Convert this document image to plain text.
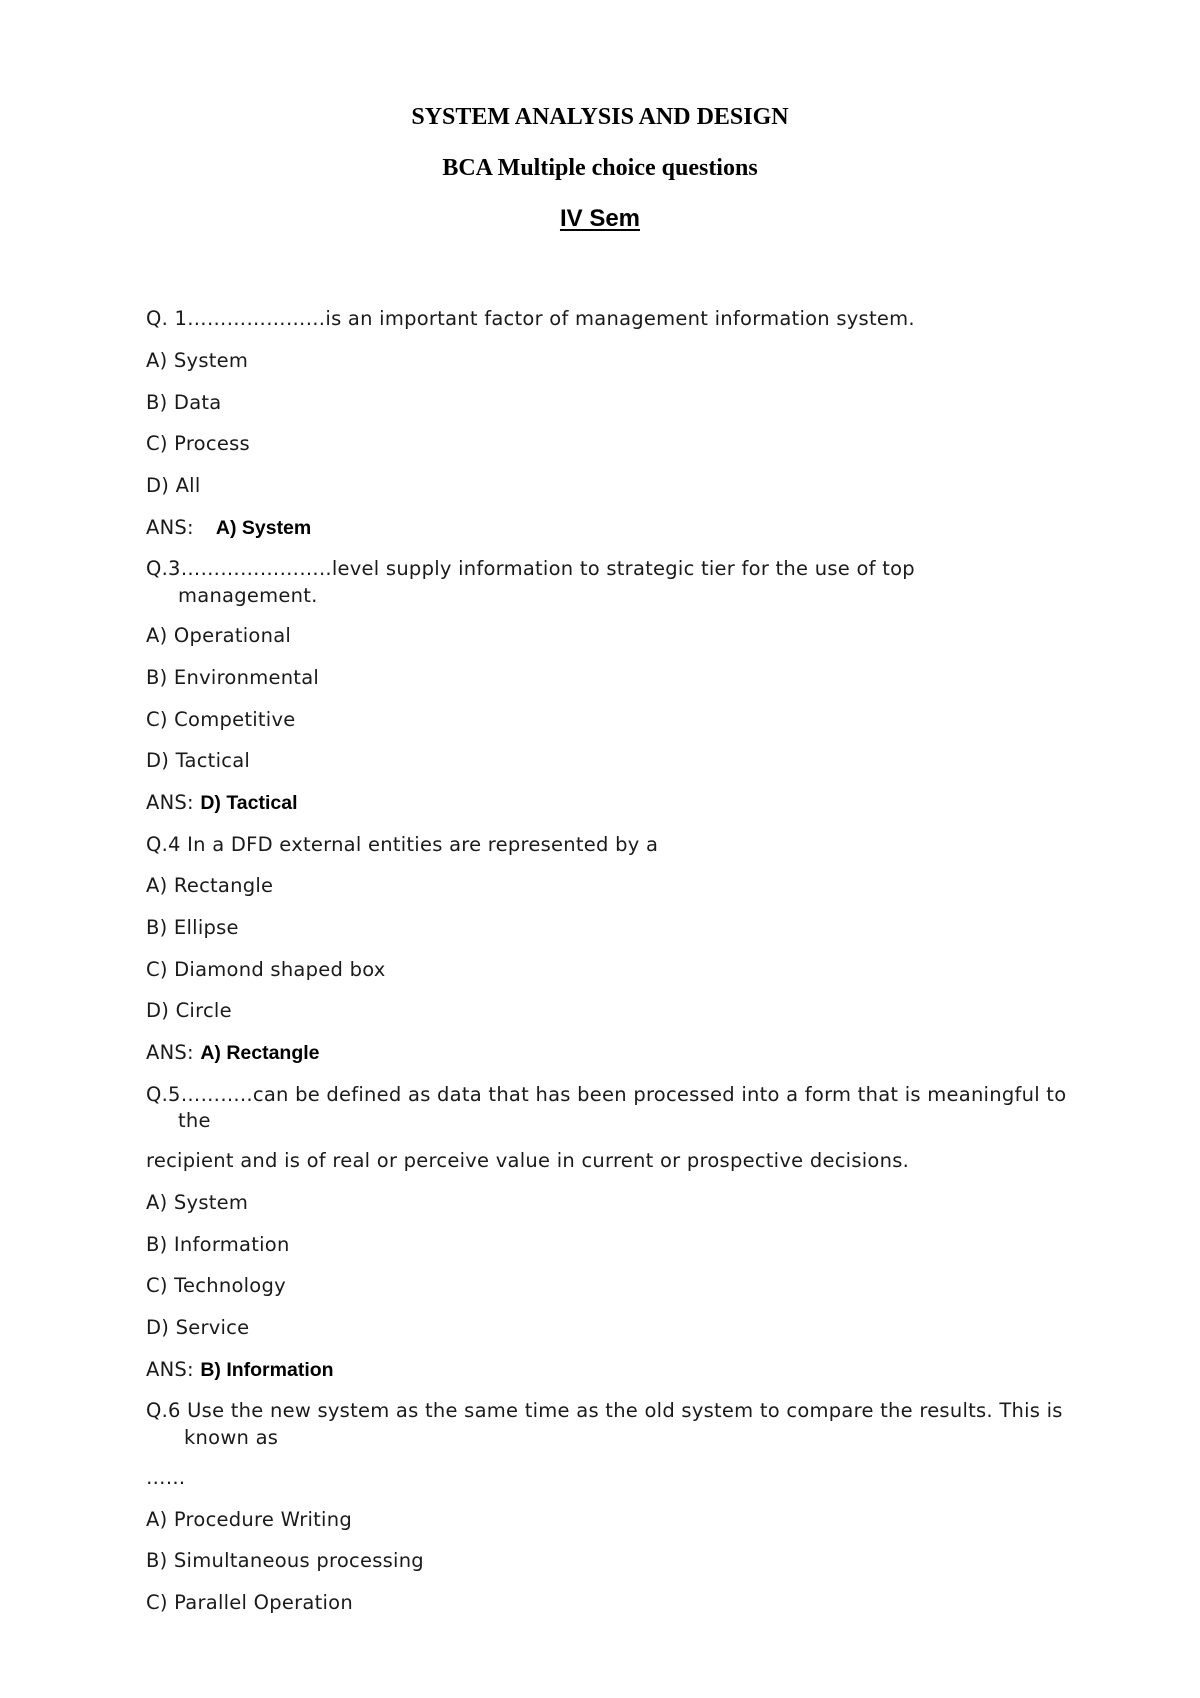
SYSTEM ANALYSIS AND DESIGN
BCA Multiple choice questions
IV Sem
Q. 1…………………is an important factor of management information system.
A) System
B) Data
C) Process
D) All
ANS: A) System
Q.3…………………..level supply information to strategic tier for the use of top
management.
A) Operational
B) Environmental
C) Competitive
D) Tactical
ANS: D) Tactical
Q.4 In a DFD external entities are represented by a
A) Rectangle
B) Ellipse
C) Diamond shaped box
D) Circle
ANS: A) Rectangle
Q.5………..can be defined as data that has been processed into a form that is meaningful to
the
recipient and is of real or perceive value in current or prospective decisions.
A) System
B) Information
C) Technology
D) Service
ANS: B) Information
Q.6 Use the new system as the same time as the old system to compare the results. This is
known as
……
A) Procedure Writing
B) Simultaneous processing
C) Parallel Operation
